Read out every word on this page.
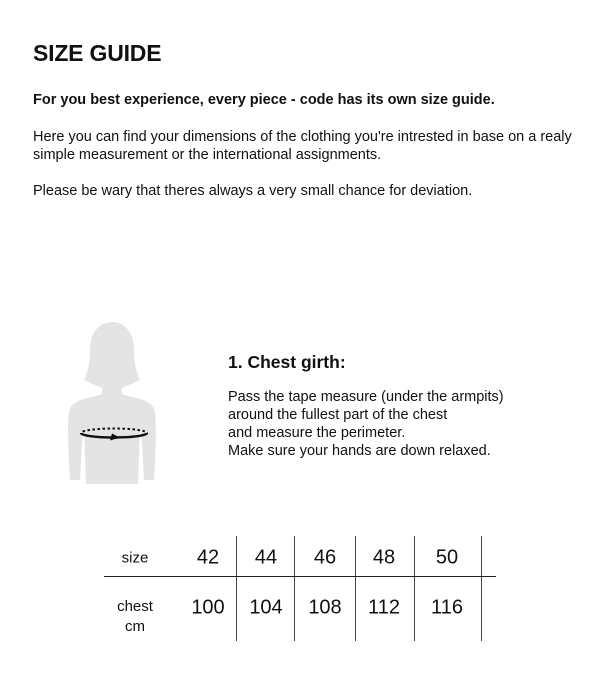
SIZE GUIDE

For you best experience, every piece - code has its own size guide.

Here you can find your dimensions of the clothing you're intrested in base on a realy simple measurement or the international assignments.

Please be wary that theres always a very small chance for deviation.

1. Chest girth:

Pass the tape measure (under the armpits)
around the fullest part of the chest
and measure the perimeter.
Make sure your hands are down relaxed.

size 42 44 46 48 50
chest
cm
100 104 108 112 116
